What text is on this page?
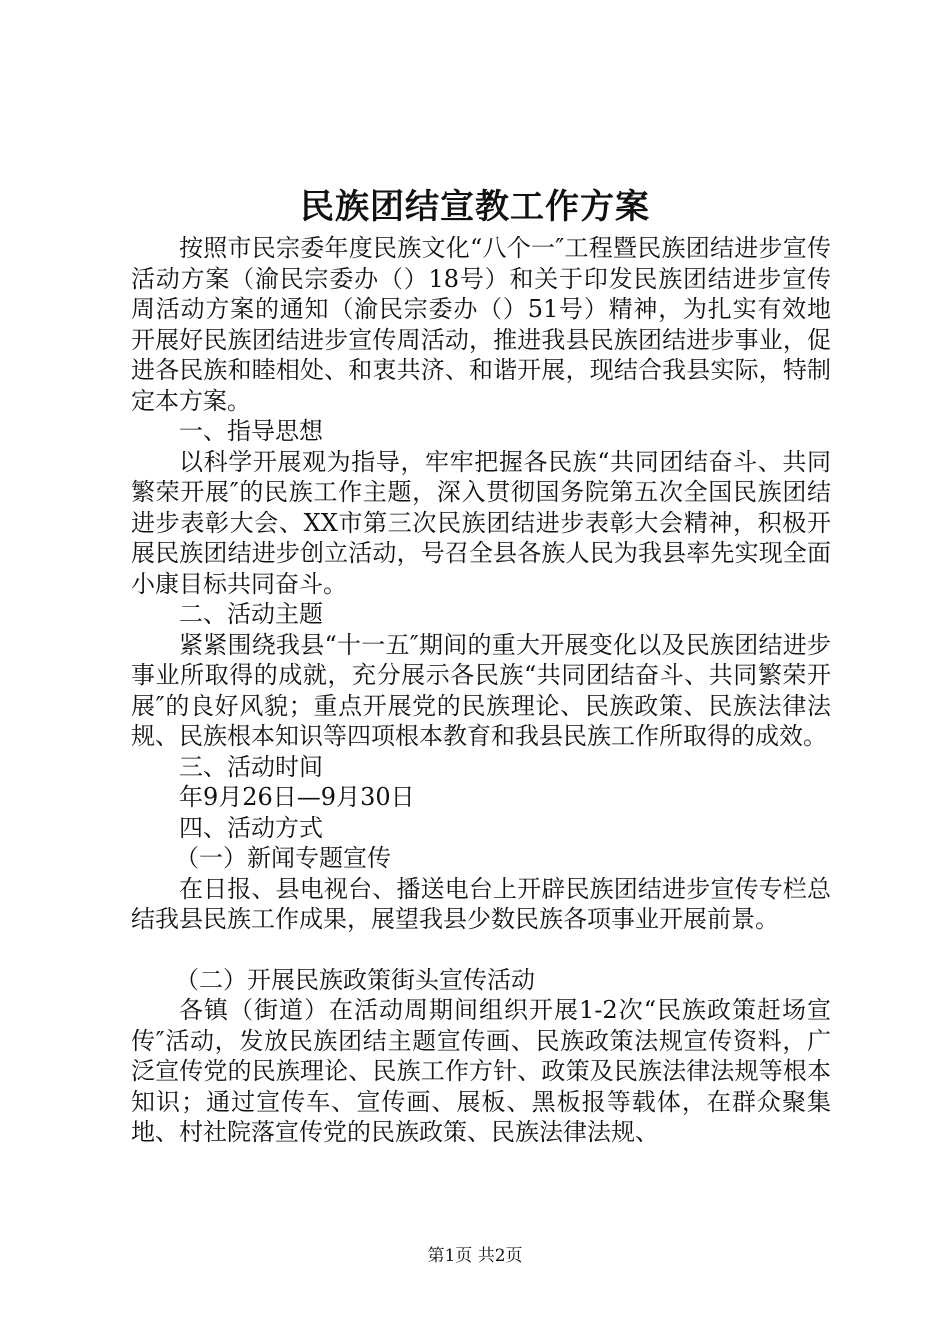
民族团结宣教工作方案

按照市民宗委年度民族文化“八个一″工程暨民族团结进步宣传活动方案（渝民宗委办（）18号）和关于印发民族团结进步宣传周活动方案的通知（渝民宗委办（）51号）精神，为扎实有效地开展好民族团结进步宣传周活动，推进我县民族团结进步事业，促进各民族和睦相处、和衷共济、和谐开展，现结合我县实际，特制定本方案。

一、指导思想

以科学开展观为指导，牢牢把握各民族“共同团结奋斗、共同繁荣开展″的民族工作主题，深入贯彻国务院第五次全国民族团结进步表彰大会、XX市第三次民族团结进步表彰大会精神，积极开展民族团结进步创立活动，号召全县各族人民为我县率先实现全面小康目标共同奋斗。

二、活动主题

紧紧围绕我县“十一五″期间的重大开展变化以及民族团结进步事业所取得的成就，充分展示各民族“共同团结奋斗、共同繁荣开展″的良好风貌；重点开展党的民族理论、民族政策、民族法律法规、民族根本知识等四项根本教育和我县民族工作所取得的成效。

三、活动时间

年9月26日—9月30日

四、活动方式

（一）新闻专题宣传

在日报、县电视台、播送电台上开辟民族团结进步宣传专栏总结我县民族工作成果，展望我县少数民族各项事业开展前景。

（二）开展民族政策街头宣传活动

各镇（街道）在活动周期间组织开展1-2次“民族政策赶场宣传″活动，发放民族团结主题宣传画、民族政策法规宣传资料，广泛宣传党的民族理论、民族工作方针、政策及民族法律法规等根本知识；通过宣传车、宣传画、展板、黑板报等载体，在群众聚集地、村社院落宣传党的民族政策、民族法律法规、

第1页 共2页
